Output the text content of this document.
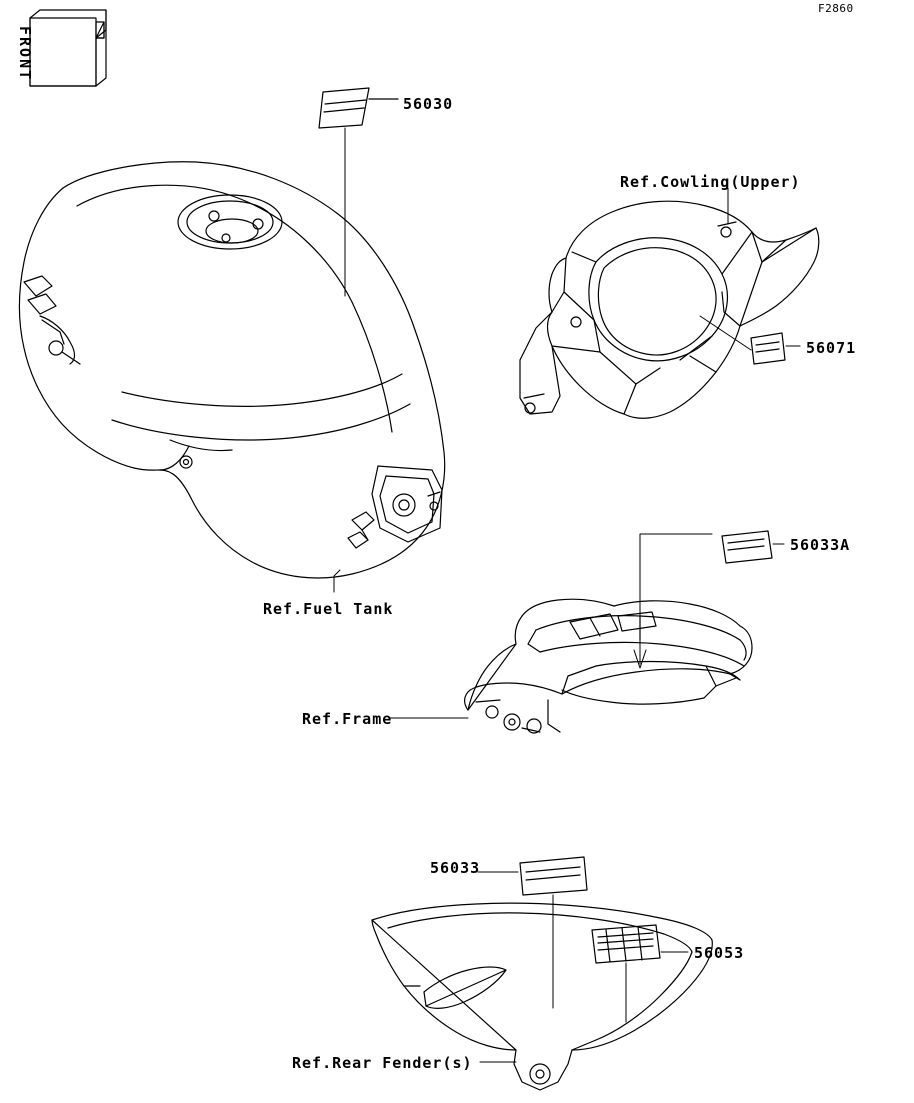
F2860
FRONT
56030
56071
56033A
56033
56053
Ref.Cowling(Upper)
Ref.Fuel Tank
Ref.Frame
Ref.Rear Fender(s)
